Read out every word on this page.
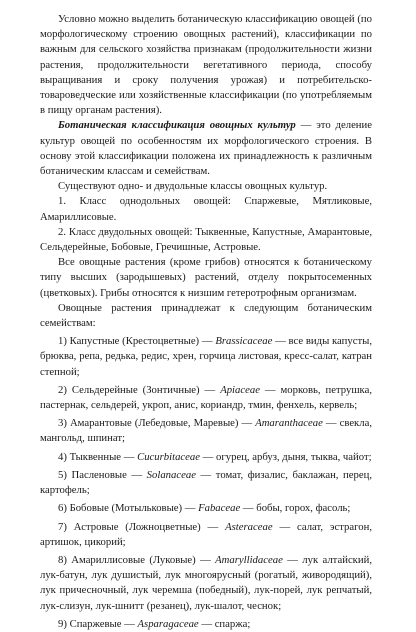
Условно можно выделить ботаническую классификацию овощей (по морфологическому строению овощных растений), классификации по важным для сельского хозяйства признакам (продолжительности жизни растения, продолжительности вегетативного периода, способу выращивания и сроку получения урожая) и потребительско-товароведческие или хозяйственные классификации (по употребляемым в пищу органам растения).

Ботаническая классификация овощных культур — это деление культур овощей по особенностям их морфологического строения. В основу этой классификации положена их принадлежность к различным ботаническим классам и семействам.

Существуют одно- и двудольные классы овощных культур.

1. Класс однодольных овощей: Спаржевые, Мятликовые, Амариллисовые.

2. Класс двудольных овощей: Тыквенные, Капустные, Амарантовые, Сельдерейные, Бобовые, Гречишные, Астровые.

Все овощные растения (кроме грибов) относятся к ботаническому типу высших (зародышевых) растений, отделу покрытосеменных (цветковых). Грибы относятся к низшим гетеротрофным организмам.

Овощные растения принадлежат к следующим ботаническим семействам:

1) Капустные (Крестоцветные) — Brassicaceae — все виды капусты, брюква, репа, редька, редис, хрен, горчица листовая, кресс-салат, катран степной;

2) Сельдерейные (Зонтичные) — Apiaceae — морковь, петрушка, пастернак, сельдерей, укроп, анис, кориандр, тмин, фенхель, кервель;

3) Амарантовые (Лебедовые, Маревые) — Amaranthaceae — свекла, мангольд, шпинат;

4) Тыквенные — Cucurbitaceae — огурец, арбуз, дыня, тыква, чайот;

5) Пасленовые — Solanaceae — томат, физалис, баклажан, перец, картофель;

6) Бобовые (Мотыльковые) — Fabaceae — бобы, горох, фасоль;

7) Астровые (Ложноцветные) — Asteraceae — салат, эстрагон, артишок, цикорий;

8) Амариллисовые (Луковые) — Amaryllidaceae — лук алтайский, лук-батун, лук душистый, лук многоярусный (рогатый, живородящий), лук причесночный, лук черемша (победный), лук-порей, лук репчатый, лук-слизун, лук-шнитт (резанец), лук-шалот, чеснок;

9) Спаржевые — Asparagaceae — спаржа;
